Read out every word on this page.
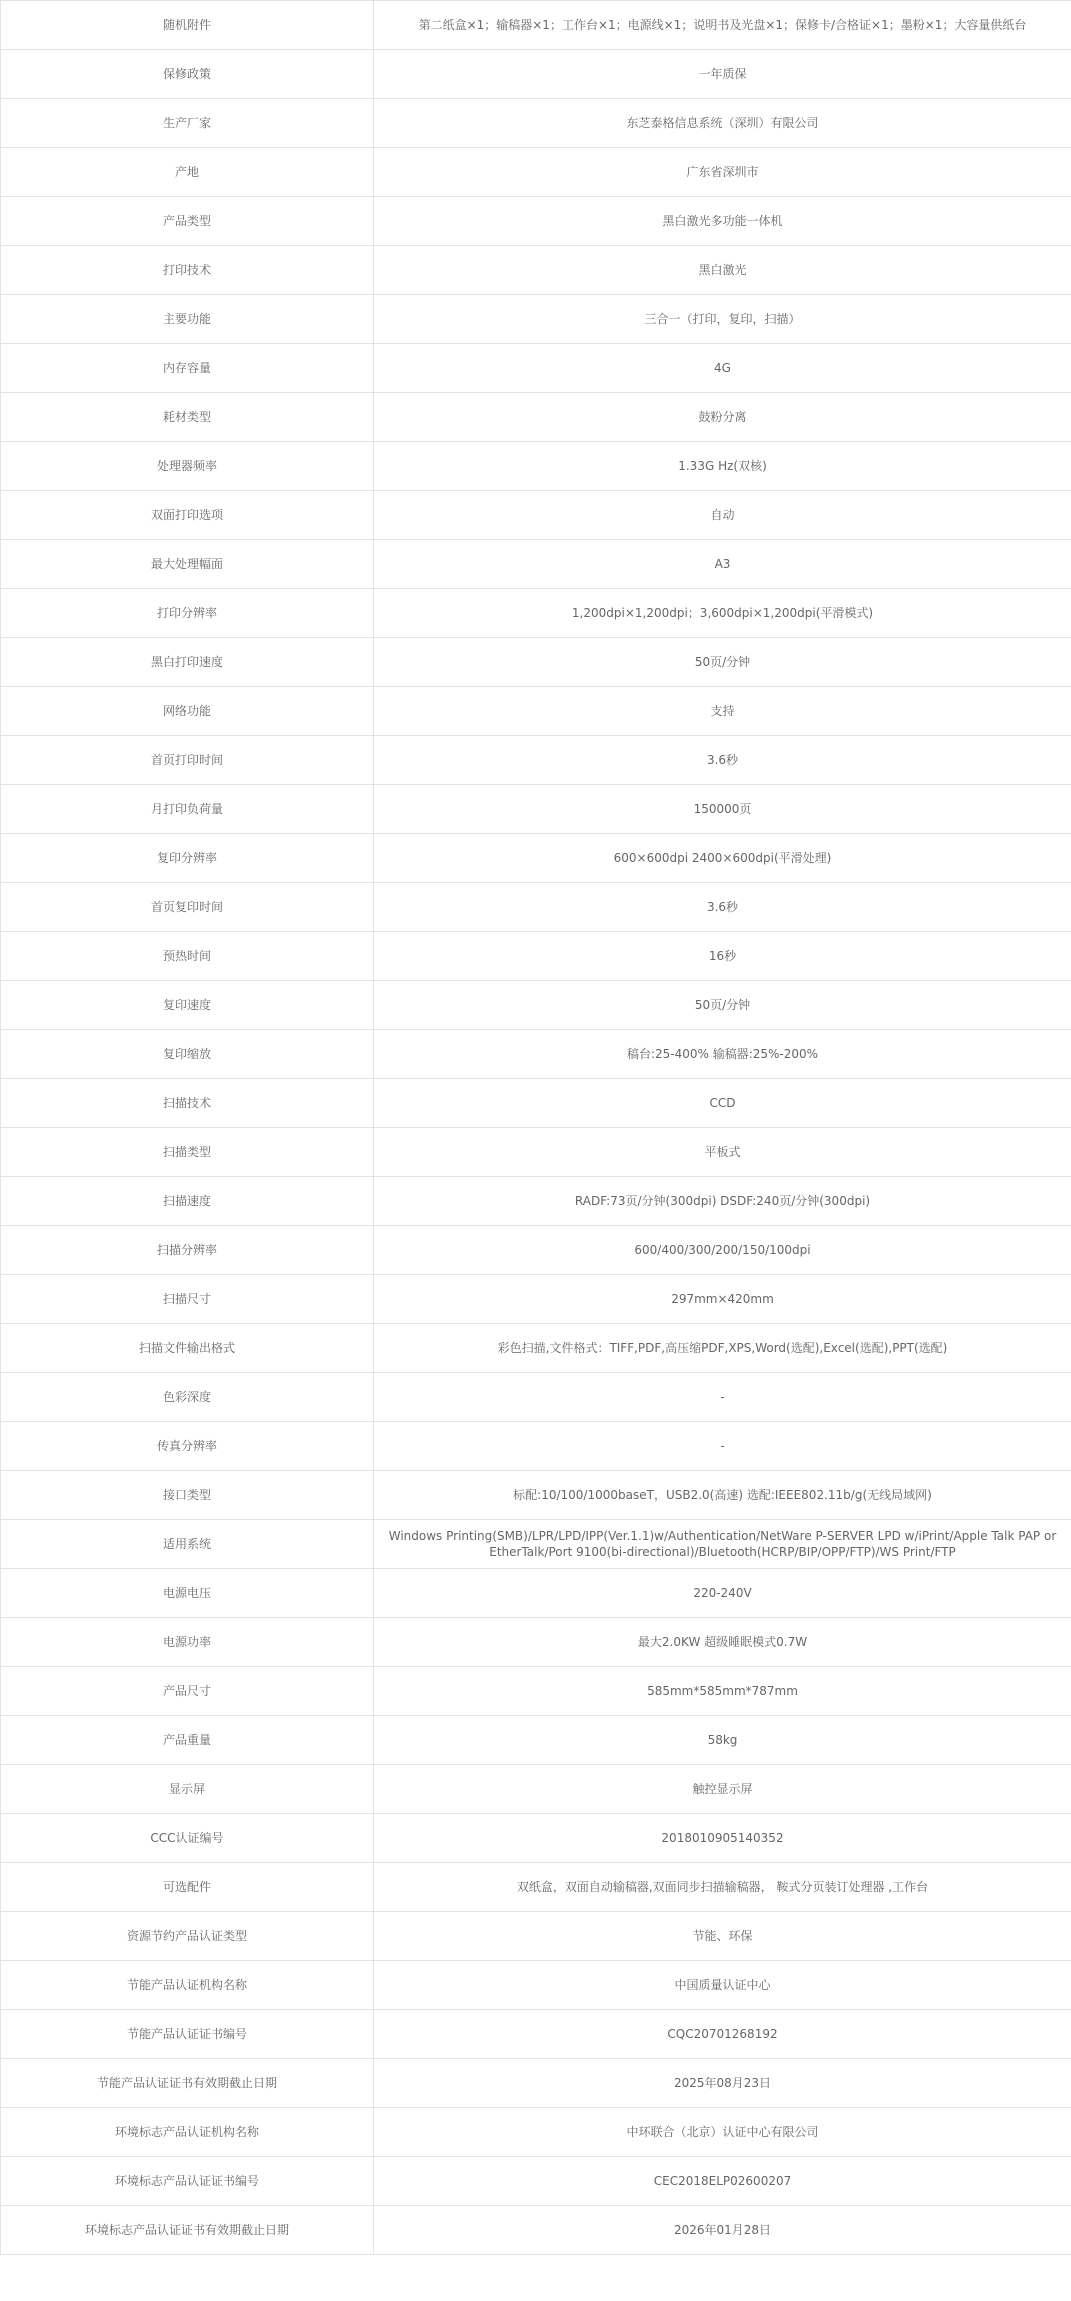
随机附件	第二纸盒×1；输稿器×1；工作台×1；电源线×1；说明书及光盘×1；保修卡/合格证×1；墨粉×1；大容量供纸台
保修政策	一年质保
生产厂家	东芝泰格信息系统（深圳）有限公司
产地	广东省深圳市
产品类型	黑白激光多功能一体机
打印技术	黑白激光
主要功能	三合一（打印，复印，扫描）
内存容量	4G
耗材类型	鼓粉分离
处理器频率	1.33G Hz(双核)
双面打印选项	自动
最大处理幅面	A3
打印分辨率	1,200dpi×1,200dpi；3,600dpi×1,200dpi(平滑模式)
黑白打印速度	50页/分钟
网络功能	支持
首页打印时间	3.6秒
月打印负荷量	150000页
复印分辨率	600×600dpi 2400×600dpi(平滑处理)
首页复印时间	3.6秒
预热时间	16秒
复印速度	50页/分钟
复印缩放	稿台:25-400% 输稿器:25%-200%
扫描技术	CCD
扫描类型	平板式
扫描速度	RADF:73页/分钟(300dpi) DSDF:240页/分钟(300dpi)
扫描分辨率	600/400/300/200/150/100dpi
扫描尺寸	297mm×420mm
扫描文件输出格式	彩色扫描,文件格式：TIFF,PDF,高压缩PDF,XPS,Word(选配),Excel(选配),PPT(选配)
色彩深度	-
传真分辨率	-
接口类型	标配:10/100/1000baseT，USB2.0(高速) 选配:IEEE802.11b/g(无线局域网)
适用系统	Windows Printing(SMB)/LPR/LPD/IPP(Ver.1.1)w/Authentication/NetWare P-SERVER LPD w/iPrint/Apple Talk PAP or EtherTalk/Port 9100(bi-directional)/Bluetooth(HCRP/BIP/OPP/FTP)/WS Print/FTP
电源电压	220-240V
电源功率	最大2.0KW 超级睡眠模式0.7W
产品尺寸	585mm*585mm*787mm
产品重量	58kg
显示屏	触控显示屏
CCC认证编号	2018010905140352
可选配件	双纸盒，双面自动输稿器,双面同步扫描输稿器， 鞍式分页装订处理器 ,工作台
资源节约产品认证类型	节能、环保
节能产品认证机构名称	中国质量认证中心
节能产品认证证书编号	CQC20701268192
节能产品认证证书有效期截止日期	2025年08月23日
环境标志产品认证机构名称	中环联合（北京）认证中心有限公司
环境标志产品认证证书编号	CEC2018ELP02600207
环境标志产品认证证书有效期截止日期	2026年01月28日
